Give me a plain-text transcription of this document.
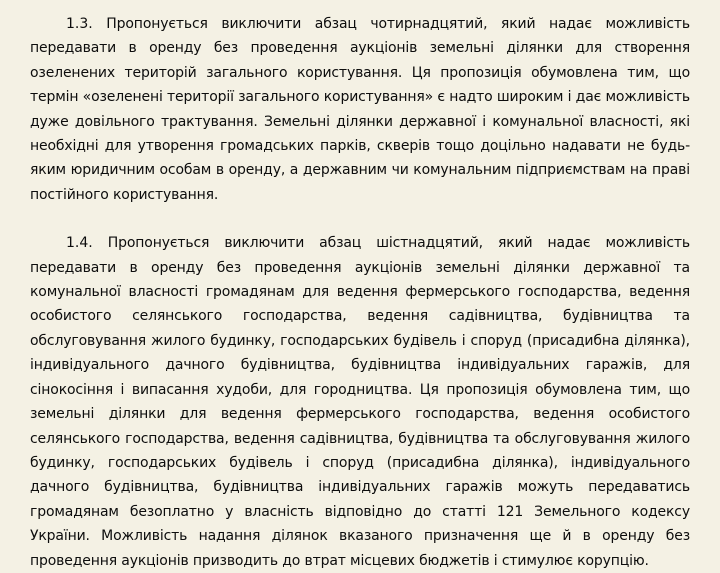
1.3. Пропонується виключити абзац чотирнадцятий, який надає можливість передавати в оренду без проведення аукціонів земельні ділянки для створення озеленених територій загального користування. Ця пропозиція обумовлена тим, що термін «озеленені території загального користування» є надто широким і дає можливість дуже довільного трактування. Земельні ділянки державної і комунальної власності, які необхідні для утворення громадських парків, скверів тощо доцільно надавати не будь-яким юридичним особам в оренду, а державним чи комунальним підприємствам на праві постійного користування.

1.4. Пропонується виключити абзац шістнадцятий, який надає можливість передавати в оренду без проведення аукціонів земельні ділянки державної та комунальної власності громадянам для ведення фермерського господарства, ведення особистого селянського господарства, ведення садівництва, будівництва та обслуговування жилого будинку, господарських будівель і споруд (присадибна ділянка), індивідуального дачного будівництва, будівництва індивідуальних гаражів, для сінокосіння і випасання худоби, для городництва. Ця пропозиція обумовлена тим, що земельні ділянки для ведення фермерського господарства, ведення особистого селянського господарства, ведення садівництва, будівництва та обслуговування жилого будинку, господарських будівель і споруд (присадибна ділянка), індивідуального дачного будівництва, будівництва індивідуальних гаражів можуть передаватись громадянам безоплатно у власність відповідно до статті 121 Земельного кодексу України. Можливість надання ділянок вказаного призначення ще й в оренду без проведення аукціонів призводить до втрат місцевих бюджетів і стимулює корупцію.
